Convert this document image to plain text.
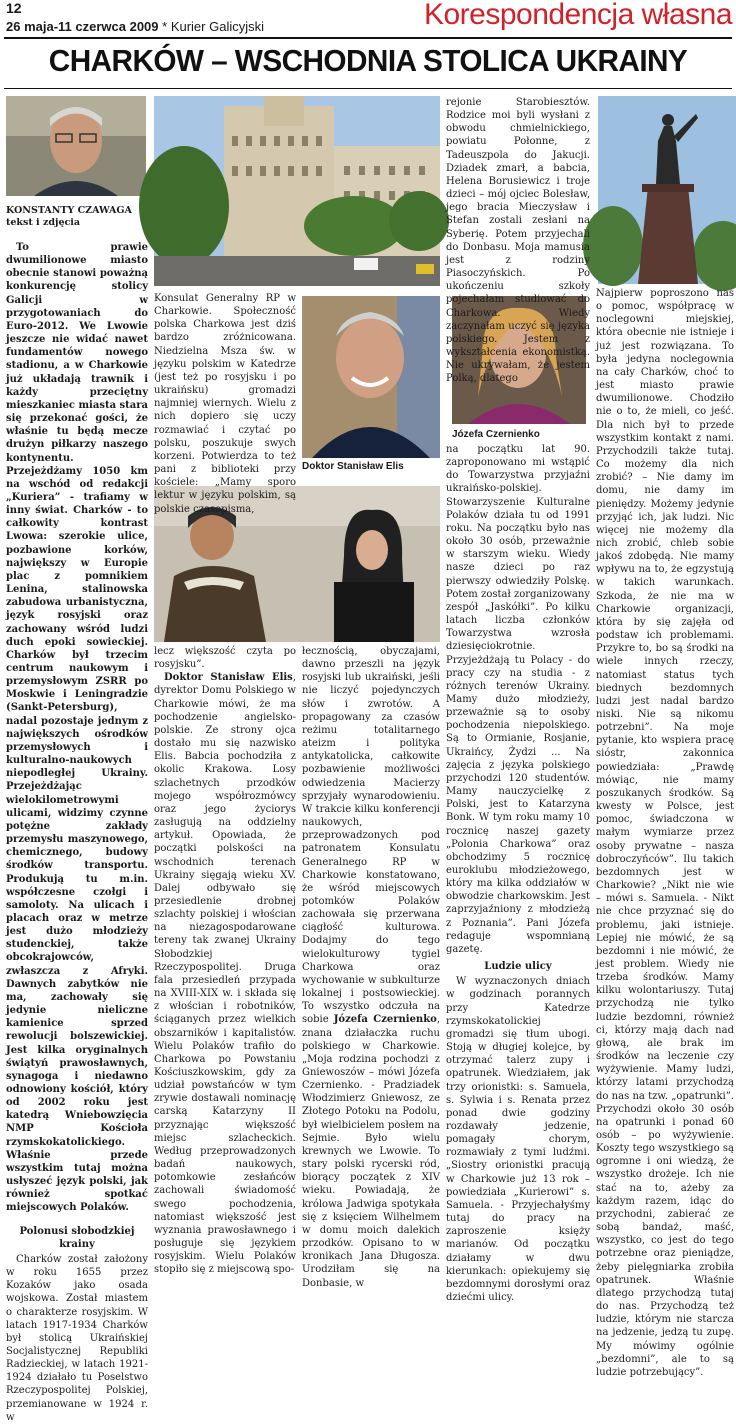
12
26 maja-11 czerwca 2009 * Kurier Galicyjski	Korespondencja własna
CHARKÓW – WSCHODNIA STOLICA UKRAINY
Doktor Stanisław Elis
Józefa Czernienko

KONSTANTY CZAWAGA

tekst i zdjęcia

To prawie dwumilionowe miasto obecnie stanowi poważną konkurencję stolicy Galicji w przygotowaniach do Euro-2012. We Lwowie jeszcze nie widać nawet fundamentów nowego stadionu, a w Charkowie już układają trawnik i każdy przeciętny mieszkaniec miasta stara się przekonać gości, że właśnie tu będą mecze drużyn piłkarzy naszego kontynentu. Przejeżdżamy 1050 km na wschód od redakcji „Kuriera” - trafiamy w inny świat. Charków - to całkowity kontrast Lwowa: szerokie ulice, pozbawione korków, największy w Europie plac z pomnikiem Lenina, stalinowska zabudowa urbanistyczna, język rosyjski oraz zachowany wśród ludzi duch epoki sowieckiej. Charków był trzecim centrum naukowym i przemysłowym ZSRR po Moskwie i Leningradzie (Sankt-Petersburg), nadal pozostaje jednym z największych ośrodków przemysłowych i kulturalno-naukowych niepodległej Ukrainy. Przejeżdżając wielokilometrowymi ulicami, widzimy czynne potężne zakłady przemysłu maszynowego, chemicznego, budowy środków transportu. Produkują tu m.in. współczesne czołgi i samoloty. Na ulicach i placach oraz w metrze jest dużo młodzieży studenckiej, także obcokrajowców, zwłaszcza z Afryki. Dawnych zabytków nie ma, zachowały się jedynie nieliczne kamienice sprzed rewolucji bolszewickiej. Jest kilka oryginalnych świątyń prawosławnych, synagoga i niedawno odnowiony kościół, który od 2002 roku jest katedrą Wniebowzięcia NMP Kościoła rzymskokatolickiego. Właśnie przede wszystkim tutaj można usłyszeć język polski, jak również spotkać miejscowych Polaków.

Polonusi słobodzkiej krainy

Charków został założony w roku 1655 przez Kozaków jako osada wojskowa. Został miastem o charakterze rosyjskim. W latach 1917-1934 Charków był stolicą Ukraińskiej Socjalistycznej Republiki Radzieckiej, w latach 1921-1924 działało tu Poselstwo Rzeczypospolitej Polskiej, przemianowane w 1924 r. w

Konsulat Generalny RP w Charkowie. Społeczność polska Charkowa jest dziś bardzo zróżnicowana. Niedzielna Msza św. w języku polskim w Katedrze (jest też po rosyjsku i po ukraińsku) gromadzi najmniej wiernych. Wielu z nich dopiero się uczy rozmawiać i czytać po polsku, poszukuje swych korzeni. Potwierdza to też pani z biblioteki przy kościele: „Mamy sporo lektur w języku polskim, są polskie czasopisma,

lecz większość czyta po rosyjsku”.

Doktor Stanisław Elis, dyrektor Domu Polskiego w Charkowie mówi, że ma pochodzenie angielsko-polskie. Ze strony ojca dostało mu się nazwisko Elis. Babcia pochodziła z okolic Krakowa. Losy szlachetnych przodków mojego współrozmówcy oraz jego życiorys zasługują na oddzielny artykuł. Opowiada, że początki polskości na wschodnich terenach Ukrainy sięgają wieku XV. Dalej odbywało się przesiedlenie drobnej szlachty polskiej i włościan na niezagospodarowane tereny tak zwanej Ukrainy Słobodzkiej Rzeczypospolitej. Druga fala przesiedleń przypada na XVIII-XIX w. i składa się z włościan i robotników, ściąganych przez wielkich obszarników i kapitalistów. Wielu Polaków trafiło do Charkowa po Powstaniu Kościuszkowskim, gdy za udział powstańców w tym zrywie dostawali nominację carską Katarzyny II przyznając większość miejsc szlacheckich. Według przeprowadzonych badań naukowych, potomkowie zesłańców zachowali świadomość swego pochodzenia, natomiast większość jest wyznania prawosławnego i posługuje się językiem rosyjskim. Wielu Polaków stopiło się z miejscową spo-

łecznością, obyczajami, dawno przeszli na język rosyjski lub ukraiński, jeśli nie liczyć pojedynczych słów i zwrotów. A propagowany za czasów reżimu totalitarnego ateizm i polityka antykatolicka, całkowite pozbawienie możliwości odwiedzenia Macierzy sprzyjały wynarodowieniu. W trakcie kilku konferencji naukowych, przeprowadzonych pod patronatem Konsulatu Generalnego RP w Charkowie konstatowano, że wśród miejscowych potomków Polaków zachowała się przerwana ciągłość kulturowa. Dodajmy do tego wielokulturowy tygiel Charkowa oraz wychowanie w subkulturze lokalnej i postsowieckiej. To wszystko odczuła na sobie Józefa Czernienko, znana działaczka ruchu polskiego w Charkowie. „Moja rodzina pochodzi z Gniewoszów – mówi Józefa Czernienko. - Pradziadek Włodzimierz Gniewosz, ze Złotego Potoku na Podolu, był wielbicielem posłem na Sejmie. Było wielu krewnych we Lwowie. To stary polski rycerski ród, biorący początek z XIV wieku. Powiadają, że królowa Jadwiga spotykała się z księciem Wilhelmem w domu moich dalekich przodków. Opisano to w kronikach Jana Długosza. Urodziłam się na Donbasie, w

rejonie Starobiesztów. Rodzice moi byli wysłani z obwodu chmielnickiego, powiatu Połonne, z Tadeuszpola do Jakucji. Dziadek zmarł, a babcia, Helena Borusiewicz i troje dzieci – mój ojciec Bolesław, jego bracia Mieczysław i Stefan zostali zesłani na Syberię. Potem przyjechali do Donbasu. Moja mamusia jest z rodziny Piasoczyńskich. Po ukończeniu szkoły pojechałam studiować do Charkowa. Wiedy zaczynałam uczyć się języka polskiego. Jestem z wykształcenia ekonomistką. Nie ukrywałam, że jestem Polką, dlatego

na początku lat 90. zaproponowano mi wstąpić do Towarzystwa przyjaźni ukraińsko-polskiej. Stowarzyszenie Kulturalne Polaków działa tu od 1991 roku. Na początku było nas około 30 osób, przeważnie w starszym wieku. Wiedy nasze dzieci po raz pierwszy odwiedziły Polskę. Potem został zorganizowany zespół „Jaskółki”. Po kilku latach liczba członków Towarzystwa wzrosła dziesięciokrotnie. Przyjeżdżają tu Polacy - do pracy czy na studia - z różnych terenów Ukrainy. Mamy dużo młodzieży, przeważnie są to osoby pochodzenia niepolskiego. Są to Ormianie, Rosjanie, Ukraińcy, Żydzi ... Na zajęcia z języka polskiego przychodzi 120 studentów. Mamy nauczycielkę z Polski, jest to Katarzyna Bonk. W tym roku mamy 10 rocznicę naszej gazety „Polonia Charkowa” oraz obchodzimy 5 rocznicę euroklubu młodzieżowego, który ma kilka oddziałów w obwodzie charkowskim. Jest zaprzyjaźniony z młodzieżą z Poznania”. Pani Józefa redaguje wspomnianą gazetę.

Ludzie ulicy

W wyznaczonych dniach w godzinach porannych przy Katedrze rzymskokatolickiej gromadzi się tłum ubogi. Stoją w długiej kolejce, by otrzymać talerz zupy i opatrunek. Wiedziałem, jak trzy orionistki: s. Samuela, s. Sylwia i s. Renata przez ponad dwie godziny rozdawały jedzenie, pomagały chorym, rozmawiały z tymi ludźmi. „Siostry orionistki pracują w Charkowie już 13 rok – powiedziała „Kurierowi” s. Samuela. - Przyjechałyśmy tutaj do pracy na zaproszenie księży marianów. Od początku działamy w dwu kierunkach: opiekujemy się bezdomnymi dorosłymi oraz dziećmi ulicy.

Najpierw poproszono nas o pomoc, współpracę w noclegowni miejskiej, która obecnie nie istnieje i już jest rozwiązana. To była jedyna noclegownia na cały Charków, choć to jest miasto prawie dwumilionowe. Chodziło nie o to, że mieli, co jeść. Dla nich był to przede wszystkim kontakt z nami. Przychodzili także tutaj. Co możemy dla nich zrobić? – Nie damy im domu, nie damy im pieniędzy. Możemy jedynie przyjąć ich, jak ludzi. Nic więcej nie możemy dla nich zrobić, chleb sobie jakoś zdobędą. Nie mamy wpływu na to, że egzystują w takich warunkach. Szkoda, że nie ma w Charkowie organizacji, która by się zajęła od podstaw ich problemami. Przykre to, bo są środki na wiele innych rzeczy, natomiast status tych biednych bezdomnych ludzi jest nadal bardzo niski. Nie są nikomu potrzebni”. Na moje pytanie, kto wspiera pracę sióstr, zakonnica powiedziała: „Prawdę mówiąc, nie mamy poszukanych środków. Są kwesty w Polsce, jest pomoc, świadczona w małym wymiarze przez osoby prywatne – nasza dobroczyńców”. Ilu takich bezdomnych jest w Charkowie? „Nikt nie wie – mówi s. Samuela. - Nikt nie chce przyznać się do problemu, jaki istnieje. Lepiej nie mówić, że są bezdomni i nie mówić, że jest problem. Wiedy nie trzeba środków. Mamy kilku wolontariuszy. Tutaj przychodzą nie tylko ludzie bezdomni, również ci, którzy mają dach nad głową, ale brak im środków na leczenie czy wyżywienie. Mamy ludzi, którzy latami przychodzą do nas na tzw. „opatrunki”. Przychodzi około 30 osób na opatrunki i ponad 60 osób – po wyżywienie. Koszty tego wszystkiego są ogromne i oni wiedzą, że wszystko drożeje. Ich nie stać na to, ażeby za każdym razem, idąc do przychodni, zabierać ze sobą bandaż, maść, wszystko, co jest do tego potrzebne oraz pieniądze, żeby pielęgniarka zrobiła opatrunek. Właśnie dlatego przychodzą tutaj do nas. Przychodzą też ludzie, którym nie starcza na jedzenie, jedzą tu zupę. My mówimy ogólnie „bezdomni”, ale to są ludzie potrzebujący”.
